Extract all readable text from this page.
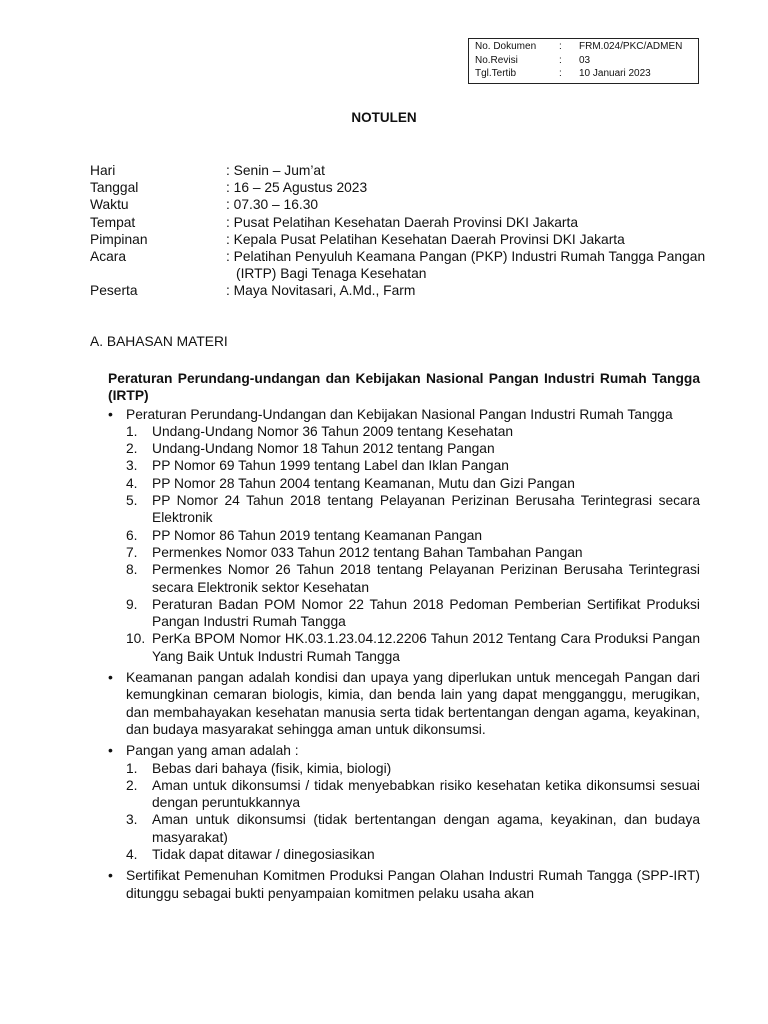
No. Dokumen	:	FRM.024/PKC/ADMEN
No.Revisi	:	03
Tgl.Tertib	:	10 Januari 2023
NOTULEN
Hari	: Senin – Jum’at
Tanggal	: 16 – 25 Agustus 2023
Waktu	: 07.30 – 16.30
Tempat	: Pusat Pelatihan Kesehatan Daerah Provinsi DKI Jakarta
Pimpinan	: Kepala Pusat Pelatihan Kesehatan Daerah Provinsi DKI Jakarta
Acara	: Pelatihan Penyuluh Keamana Pangan (PKP) Industri Rumah Tangga Pangan (IRTP) Bagi Tenaga Kesehatan
Peserta	: Maya Novitasari, A.Md., Farm
A. BAHASAN MATERI
Peraturan Perundang-undangan dan Kebijakan Nasional Pangan Industri Rumah Tangga (IRTP)
• Peraturan Perundang-Undangan dan Kebijakan Nasional Pangan Industri Rumah Tangga
1.	Undang-Undang Nomor 36 Tahun 2009 tentang Kesehatan
2.	Undang-Undang Nomor 18 Tahun 2012 tentang Pangan
3.	PP Nomor 69 Tahun 1999 tentang Label dan Iklan Pangan
4.	PP Nomor 28 Tahun 2004 tentang Keamanan, Mutu dan Gizi Pangan
5.	PP Nomor 24 Tahun 2018 tentang Pelayanan Perizinan Berusaha Terintegrasi secara Elektronik
6.	PP Nomor 86 Tahun 2019 tentang Keamanan Pangan
7.	Permenkes Nomor 033 Tahun 2012 tentang Bahan Tambahan Pangan
8.	Permenkes Nomor 26 Tahun 2018 tentang Pelayanan Perizinan Berusaha Terintegrasi secara Elektronik sektor Kesehatan
9.	Peraturan Badan POM Nomor 22 Tahun 2018 Pedoman Pemberian Sertifikat Produksi Pangan Industri Rumah Tangga
10. PerKa BPOM Nomor HK.03.1.23.04.12.2206 Tahun 2012 Tentang Cara Produksi Pangan Yang Baik Untuk Industri Rumah Tangga
• Keamanan pangan adalah kondisi dan upaya yang diperlukan untuk mencegah Pangan dari kemungkinan cemaran biologis, kimia, dan benda lain yang dapat mengganggu, merugikan, dan membahayakan kesehatan manusia serta tidak bertentangan dengan agama, keyakinan, dan budaya masyarakat sehingga aman untuk dikonsumsi.
• Pangan yang aman adalah :
1.	Bebas dari bahaya (fisik, kimia, biologi)
2.	Aman untuk dikonsumsi / tidak menyebabkan risiko kesehatan ketika dikonsumsi sesuai dengan peruntukkannya
3.	Aman untuk dikonsumsi (tidak bertentangan dengan agama, keyakinan, dan budaya masyarakat)
4.	Tidak dapat ditawar / dinegosiasikan
• Sertifikat Pemenuhan Komitmen Produksi Pangan Olahan Industri Rumah Tangga (SPP-IRT) ditunggu sebagai bukti penyampaian komitmen pelaku usaha akan
